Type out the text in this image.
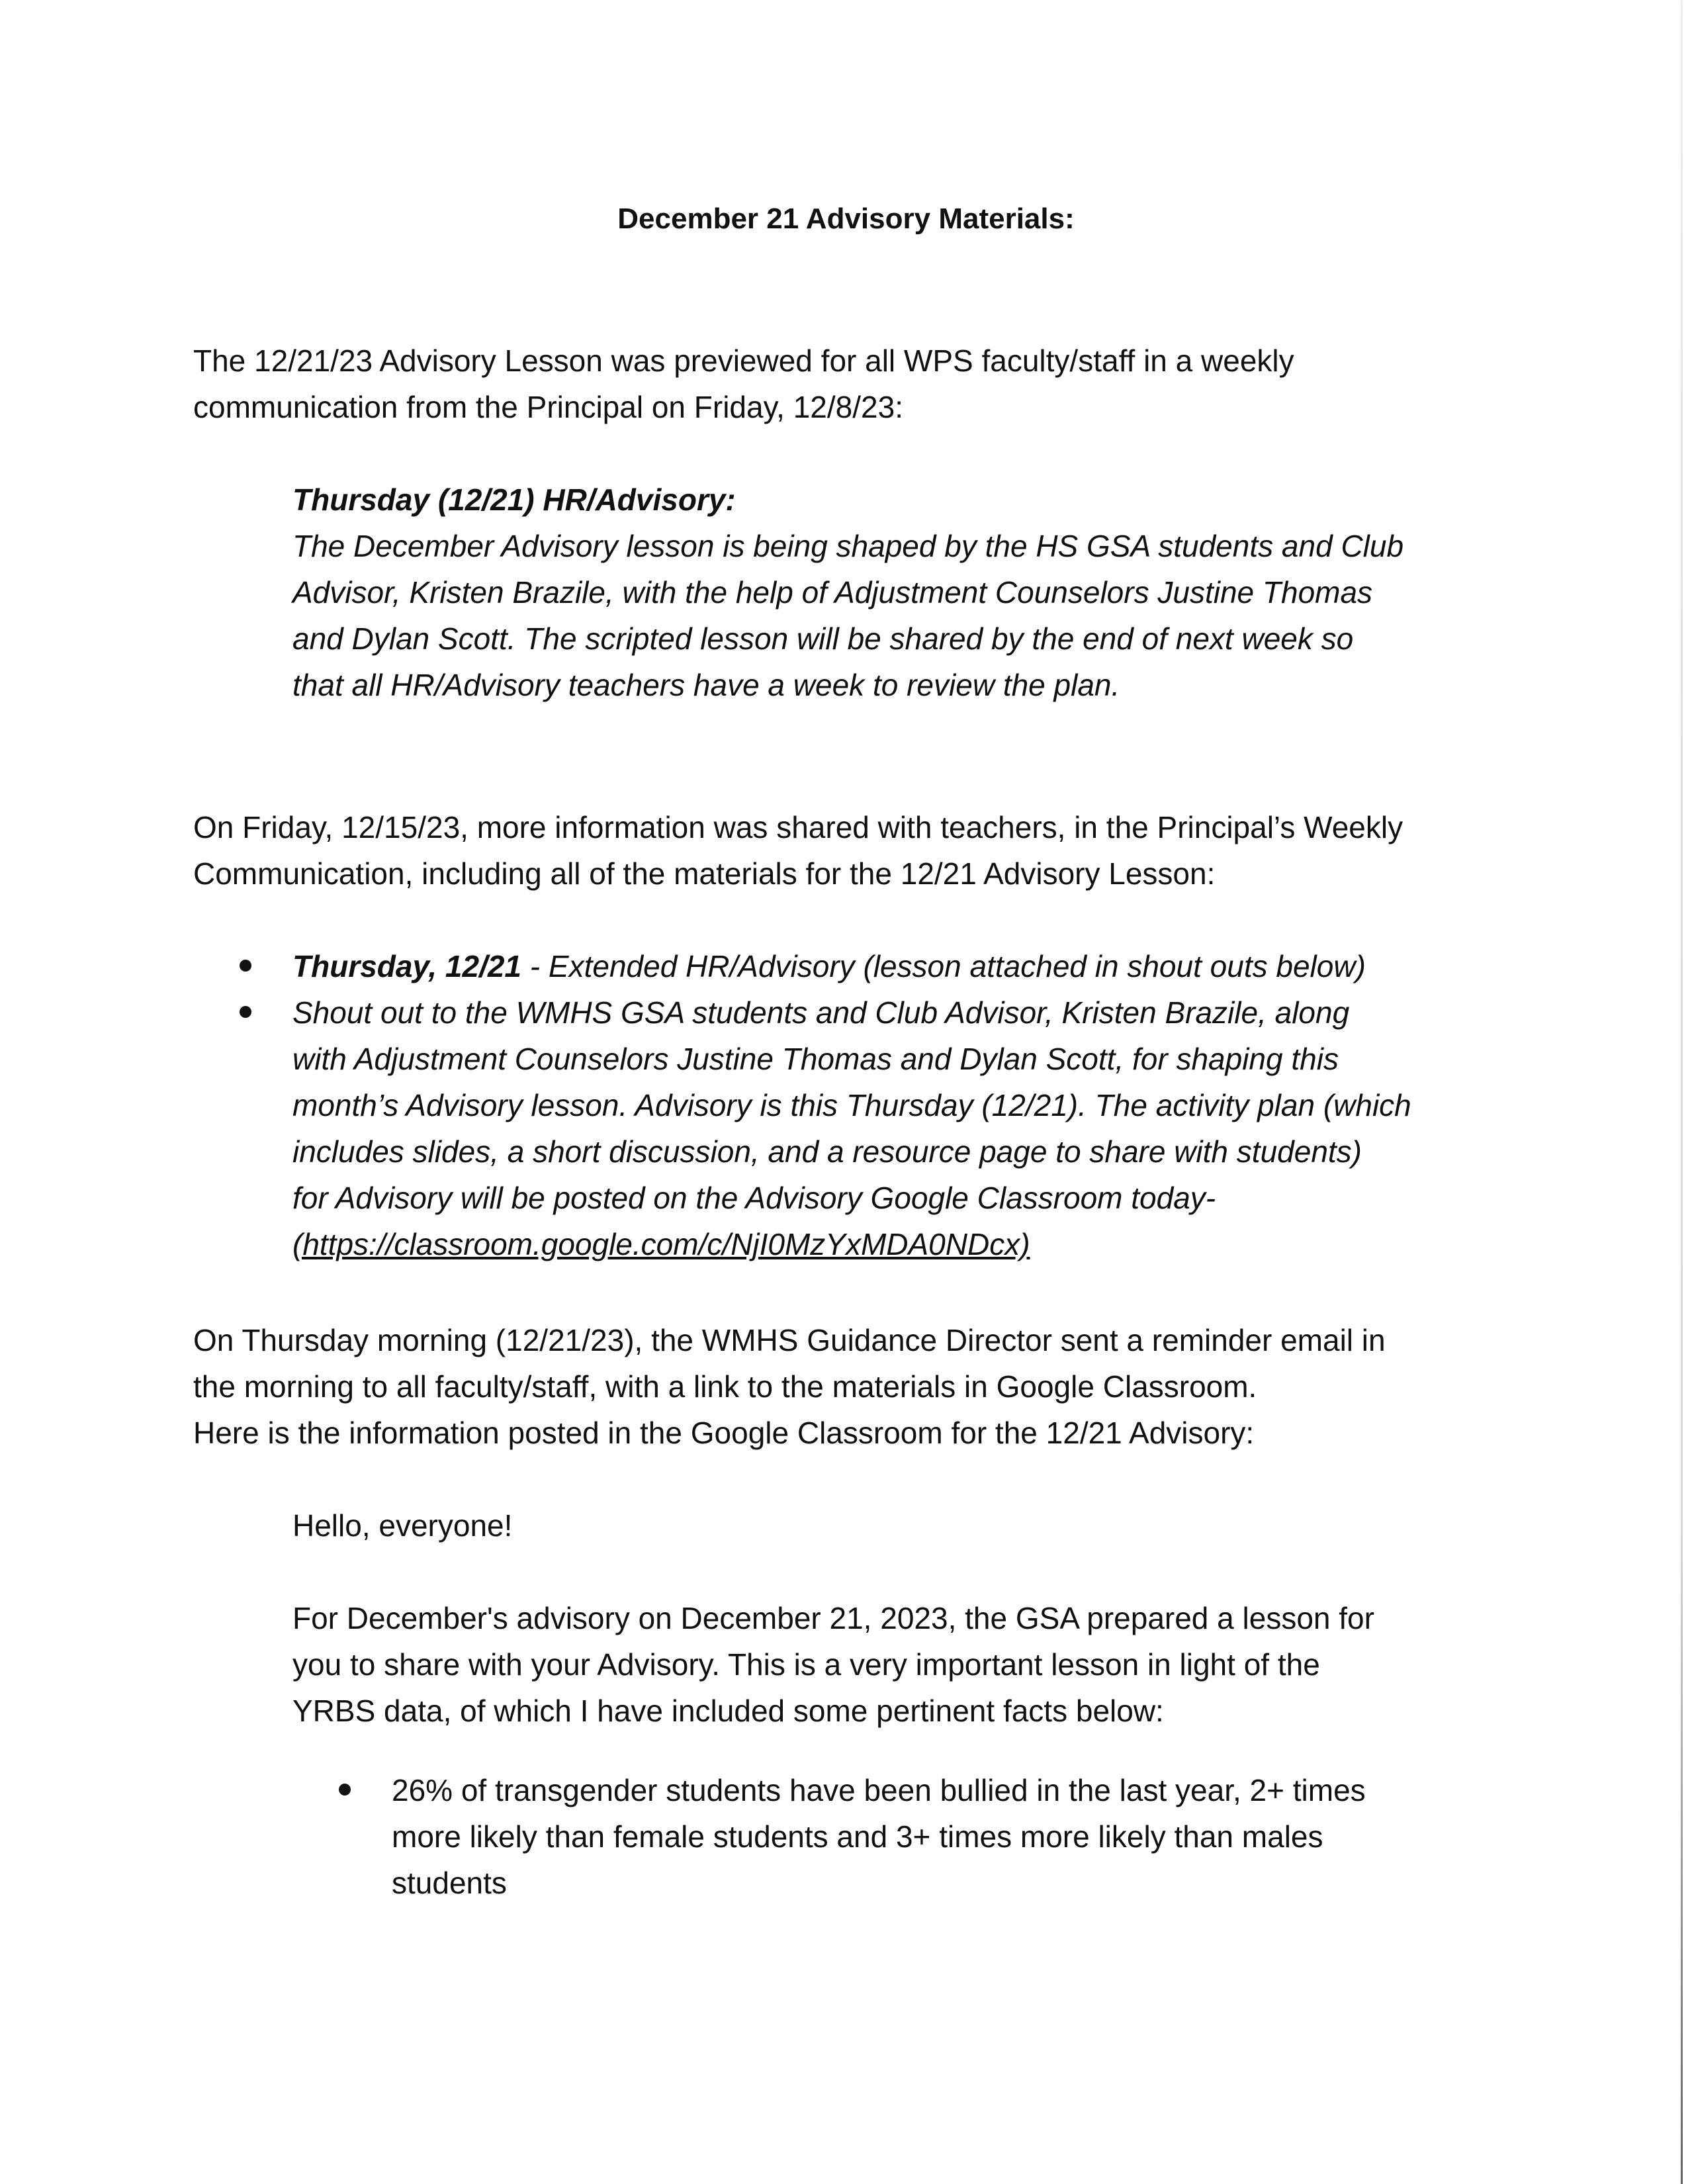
December 21 Advisory Materials:

The 12/21/23 Advisory Lesson was previewed for all WPS faculty/staff in a weekly
communication from the Principal on Friday, 12/8/23:

Thursday (12/21) HR/Advisory:
The December Advisory lesson is being shaped by the HS GSA students and Club
Advisor, Kristen Brazile, with the help of Adjustment Counselors Justine Thomas
and Dylan Scott. The scripted lesson will be shared by the end of next week so
that all HR/Advisory teachers have a week to review the plan.

On Friday, 12/15/23, more information was shared with teachers, in the Principal’s Weekly
Communication, including all of the materials for the 12/21 Advisory Lesson:

Thursday, 12/21 - Extended HR/Advisory (lesson attached in shout outs below)
Shout out to the WMHS GSA students and Club Advisor, Kristen Brazile, along
with Adjustment Counselors Justine Thomas and Dylan Scott, for shaping this
month’s Advisory lesson. Advisory is this Thursday (12/21). The activity plan (which
includes slides, a short discussion, and a resource page to share with students)
for Advisory will be posted on the Advisory Google Classroom today-
(https://classroom.google.com/c/NjI0MzYxMDA0NDcx)

On Thursday morning (12/21/23), the WMHS Guidance Director sent a reminder email in
the morning to all faculty/staff, with a link to the materials in Google Classroom.
Here is the information posted in the Google Classroom for the 12/21 Advisory:

Hello, everyone!

For December's advisory on December 21, 2023, the GSA prepared a lesson for
you to share with your Advisory. This is a very important lesson in light of the
YRBS data, of which I have included some pertinent facts below:

26% of transgender students have been bullied in the last year, 2+ times
more likely than female students and 3+ times more likely than males
students
